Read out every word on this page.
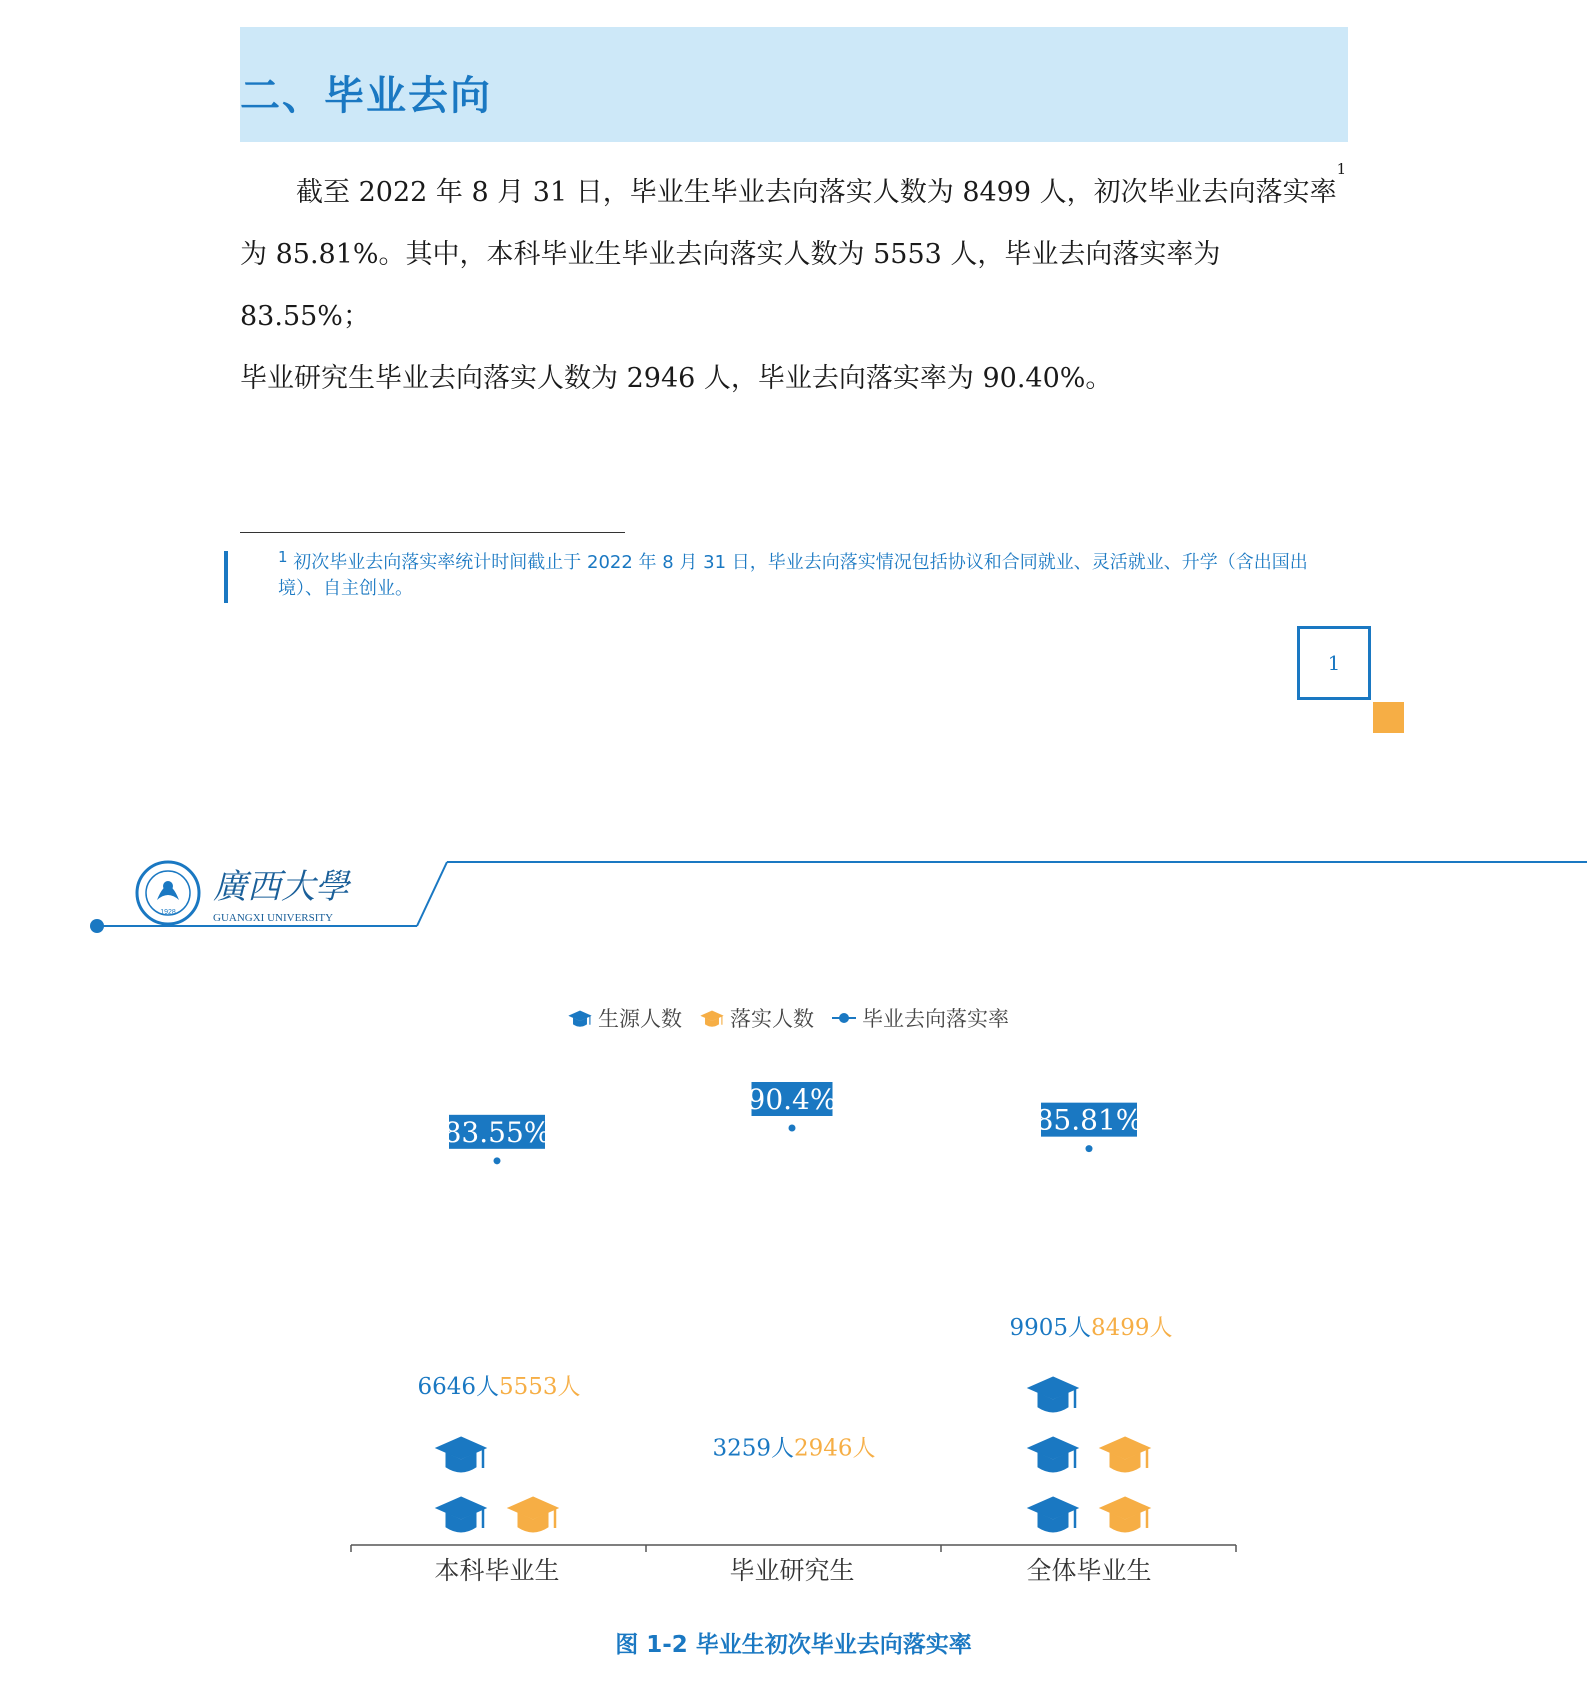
二、毕业去向

截至 2022 年 8 月 31 日，毕业生毕业去向落实人数为 8499 人，初次毕业去向落实率$^1$

为 85.81%。其中，本科毕业生毕业去向落实人数为 5553 人，毕业去向落实率为 83.55%；

毕业研究生毕业去向落实人数为 2946 人，毕业去向落实率为 90.40%。

$^1$ 初次毕业去向落实率统计时间截止于 2022 年 8 月 31 日，毕业去向落实情况包括协议和合同就业、灵活就业、升学（含出国出境）、自主创业。
1
1928
廣西大學
GUANGXI UNIVERSITY
生源人数 落实人数 毕业去向落实率
本科毕业生
6646人 5553人
毕业研究生
3259人 2946人
全体毕业生
9905人 8499人
83.55%
90.4%
85.81%
图 1-2 毕业生初次毕业去向落实率
